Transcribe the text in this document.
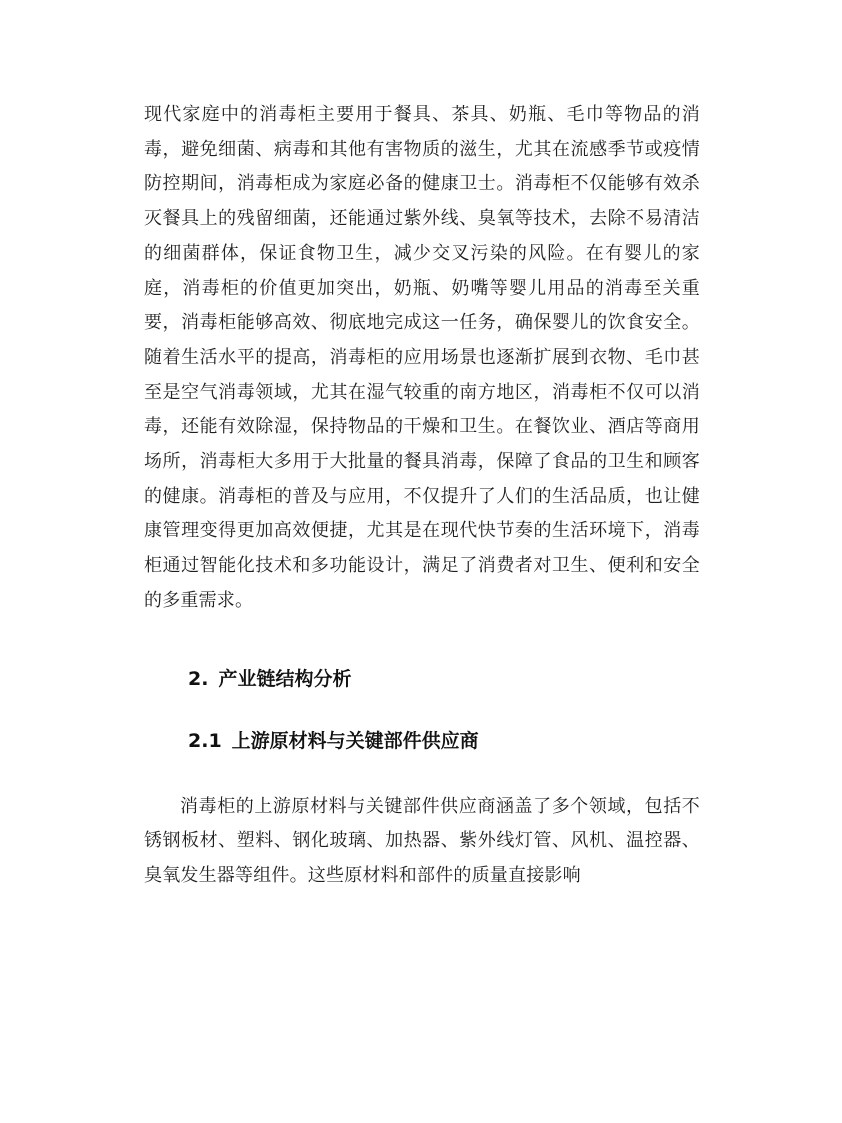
现代家庭中的消毒柜主要用于餐具、茶具、奶瓶、毛巾等物品的消毒，避免细菌、病毒和其他有害物质的滋生，尤其在流感季节或疫情防控期间，消毒柜成为家庭必备的健康卫士。消毒柜不仅能够有效杀灭餐具上的残留细菌，还能通过紫外线、臭氧等技术，去除不易清洁的细菌群体，保证食物卫生，减少交叉污染的风险。在有婴儿的家庭，消毒柜的价值更加突出，奶瓶、奶嘴等婴儿用品的消毒至关重要，消毒柜能够高效、彻底地完成这一任务，确保婴儿的饮食安全。随着生活水平的提高，消毒柜的应用场景也逐渐扩展到衣物、毛巾甚至是空气消毒领域，尤其在湿气较重的南方地区，消毒柜不仅可以消毒，还能有效除湿，保持物品的干燥和卫生。在餐饮业、酒店等商用场所，消毒柜大多用于大批量的餐具消毒，保障了食品的卫生和顾客的健康。消毒柜的普及与应用，不仅提升了人们的生活品质，也让健康管理变得更加高效便捷，尤其是在现代快节奏的生活环境下，消毒柜通过智能化技术和多功能设计，满足了消费者对卫生、便利和安全的多重需求。

2. 产业链结构分析
2.1 上游原材料与关键部件供应商

消毒柜的上游原材料与关键部件供应商涵盖了多个领域，包括不锈钢板材、塑料、钢化玻璃、加热器、紫外线灯管、风机、温控器、臭氧发生器等组件。这些原材料和部件的质量直接影响
